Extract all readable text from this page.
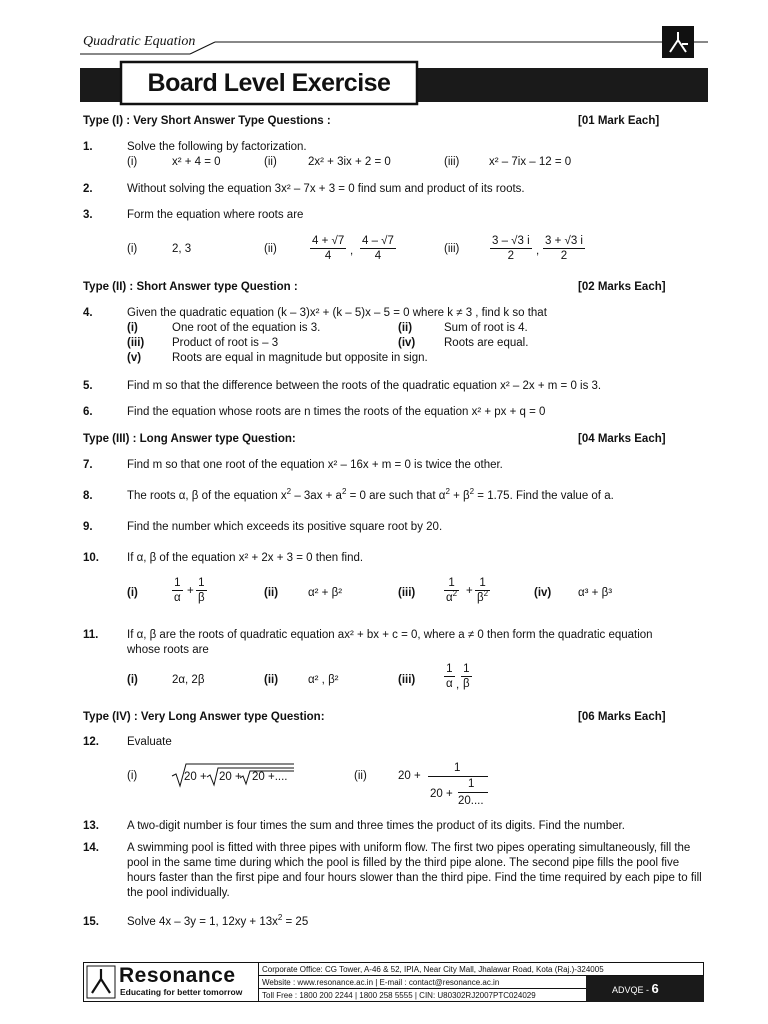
Quadratic Equation
Board Level Exercise
Type (I) : Very Short Answer Type Questions :	[01 Mark Each]
1.	Solve the following by factorization.
(i)	x² + 4 = 0	(ii)	2x² + 3ix + 2 = 0	(iii)	x² – 7ix – 12 = 0
2.	Without solving the equation 3x² – 7x + 3 = 0 find sum and product of its roots.
3.	Form the equation where roots are
(i)	2, 3	(ii)	$\frac{4 + √7}{4}$ , $\frac{4 - √7}{4}$	(iii)	$\frac{3 - √3 i}{2}$ , $\frac{3 + √3 i}{2}$
Type (II) : Short Answer type Question :	[02 Marks Each]
4.	Given the quadratic equation (k – 3)x² + (k – 5)x – 5 = 0 where k ≠ 3 , find k so that
(i)	One root of the equation is 3.	(ii)	Sum of root is 4.
(iii) Product of root is – 3	(iv)	Roots are equal.
(v)	Roots are equal in magnitude but opposite in sign.
5.	Find m so that the difference between the roots of the quadratic equation x² – 2x + m = 0 is 3.
6.	Find the equation whose roots are n times the roots of the equation x² + px + q = 0
Type (III) : Long Answer type Question:	[04 Marks Each]
7.	Find m so that one root of the equation x² – 16x + m = 0 is twice the other.
8.	The roots α, β of the equation $x^2 - 3ax + a^2 = 0$ are such that $\alpha^2 + \beta^2 = 1.75$. Find the value of a.
9.	Find the number which exceeds its positive square root by 20.
10. If α, β of the equation x² + 2x + 3 = 0 then find.
(i)	$\frac{1}{\alpha} + \frac{1}{\beta}$	(ii)	α² + β²	(iii)	$\frac{1}{\alpha^2} + \frac{1}{\beta^2}$	(iv) α³ + β³
11. If α, β are the roots of quadratic equation ax² + bx + c = 0, where a ≠ 0 then form the quadratic equation
whose roots are
(i)	2α, 2β	(ii)	α² , β²	(iii)	$\frac{1}{\alpha}$ , $\frac{1}{\beta}$
Type (IV) : Very Long Answer type Question:	[06 Marks Each]
12. Evaluate
(i)	20 + 20 + 20 +....	(ii)	20 +
1
20 +
1
20....
13. A two-digit number is four times the sum and three times the product of its digits. Find the number.
14. A swimming pool is fitted with three pipes with uniform flow. The first two pipes operating simultaneously, fill the pool in the same time during which the pool is filled by the third pipe alone. The second pipe fills the pool five hours faster than the first pipe and four hours slower than the third pipe. Find the time required by each pipe to fill the pool individually.
15. Solve 4x – 3y = 1, $12xy + 13x^2 = 25$
Resonance
Educating for better tomorrow
Corporate Office: CG Tower, A-46 & 52, IPIA, Near City Mall, Jhalawar Road, Kota (Raj.)-324005
Website : www.resonance.ac.in | E-mail : contact@resonance.ac.in
Toll Free : 1800 200 2244 | 1800 258 5555 | CIN: U80302RJ2007PTC024029
ADVQE - 6
